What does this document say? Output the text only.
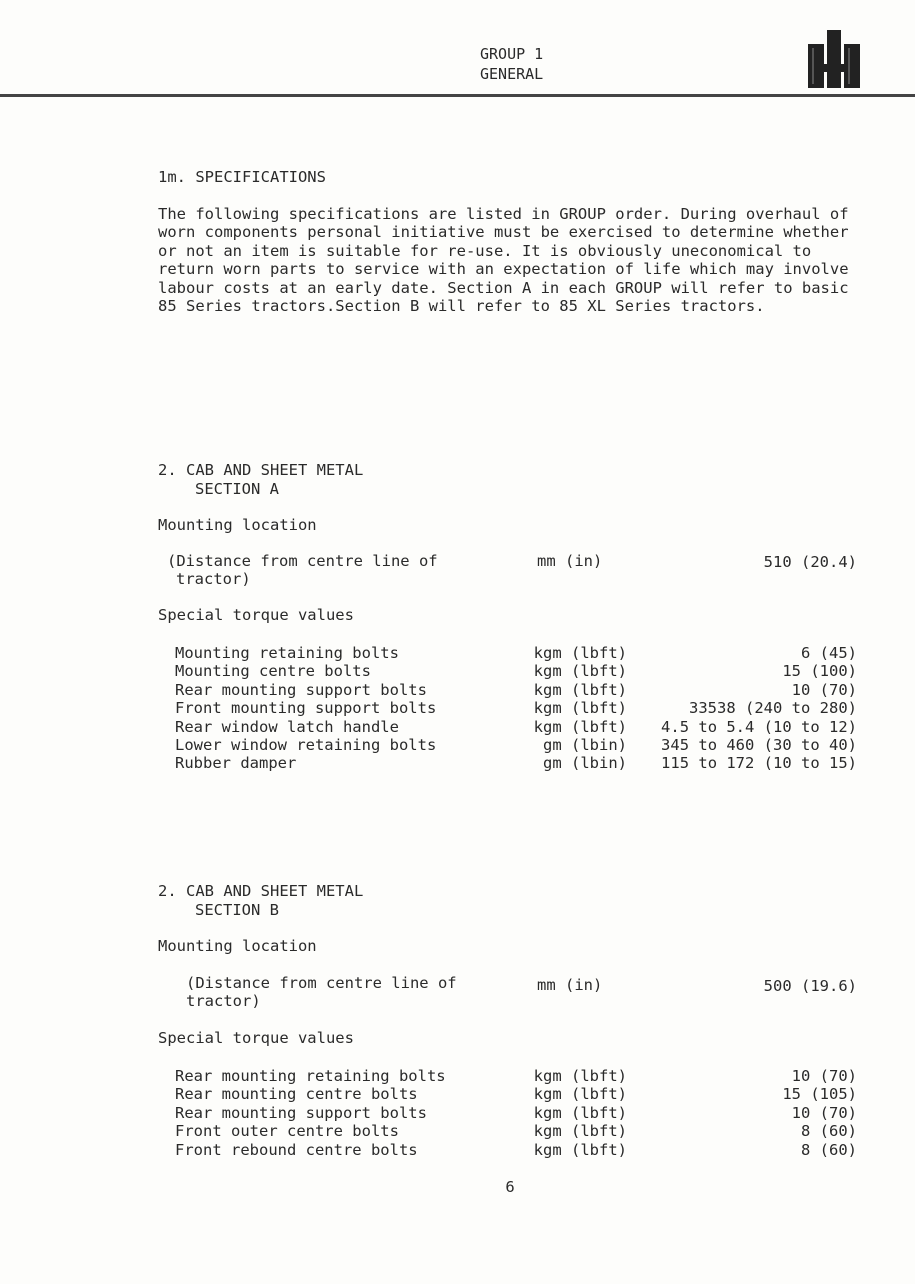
GROUP 1
GENERAL
1m. SPECIFICATIONS
The following specifications are listed in GROUP order. During overhaul of
worn components personal initiative must be exercised to determine whether
or not an item is suitable for re-use. It is obviously uneconomical to
return worn parts to service with an expectation of life which may involve
labour costs at an early date. Section A in each GROUP will refer to basic
85 Series tractors.Section B will refer to 85 XL Series tractors.
2. CAB AND SHEET METAL
SECTION A
Mounting location
(Distance from centre line of
tractor)
mm (in)	510 (20.4)
Special torque values
Mounting retaining bolts	kgm (lbft)	6 (45)
Mounting centre bolts	kgm (lbft)	15 (100)
Rear mounting support bolts	kgm (lbft)	10 (70)
Front mounting support bolts	kgm (lbft)	33538 (240 to 280)
Rear window latch handle	kgm (lbft) 4.5 to 5.4 (10 to 12)
Lower window retaining bolts	gm (lbin) 345 to 460 (30 to 40)
Rubber damper	gm (lbin) 115 to 172 (10 to 15)
2. CAB AND SHEET METAL
SECTION B
Mounting location
(Distance from centre line of
tractor)
mm (in)	500 (19.6)
Special torque values
Rear mounting retaining bolts	kgm (lbft)	10 (70)
Rear mounting centre bolts	kgm (lbft)	15 (105)
Rear mounting support bolts	kgm (lbft)	10 (70)
Front outer centre bolts	kgm (lbft)	8 (60)
Front rebound centre bolts	kgm (lbft)	8 (60)
6
